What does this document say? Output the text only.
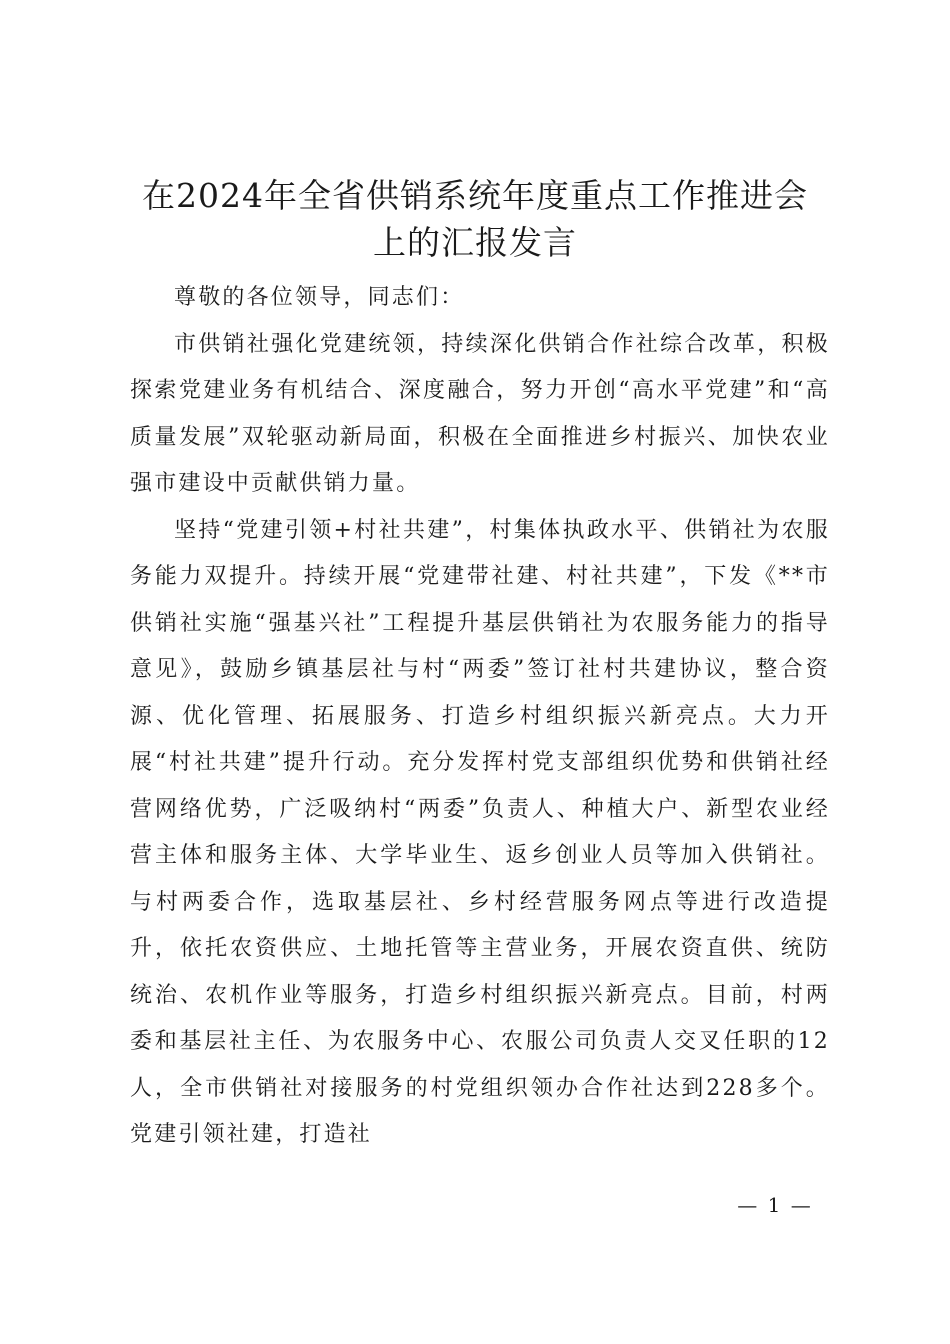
在2024年全省供销系统年度重点工作推进会上的汇报发言

尊敬的各位领导，同志们：

市供销社强化党建统领，持续深化供销合作社综合改革，积极探索党建业务有机结合、深度融合，努力开创“高水平党建”和“高质量发展”双轮驱动新局面，积极在全面推进乡村振兴、加快农业强市建设中贡献供销力量。

坚持“党建引领+村社共建”，村集体执政水平、供销社为农服务能力双提升。持续开展“党建带社建、村社共建”，下发《**市供销社实施“强基兴社”工程提升基层供销社为农服务能力的指导意见》，鼓励乡镇基层社与村“两委”签订社村共建协议，整合资源、优化管理、拓展服务、打造乡村组织振兴新亮点。大力开展“村社共建”提升行动。充分发挥村党支部组织优势和供销社经营网络优势，广泛吸纳村“两委”负责人、种植大户、新型农业经营主体和服务主体、大学毕业生、返乡创业人员等加入供销社。与村两委合作，选取基层社、乡村经营服务网点等进行改造提升，依托农资供应、土地托管等主营业务，开展农资直供、统防统治、农机作业等服务，打造乡村组织振兴新亮点。目前，村两委和基层社主任、为农服务中心、农服公司负责人交叉任职的12人，全市供销社对接服务的村党组织领办合作社达到228多个。党建引领社建，打造社

— 1 —
